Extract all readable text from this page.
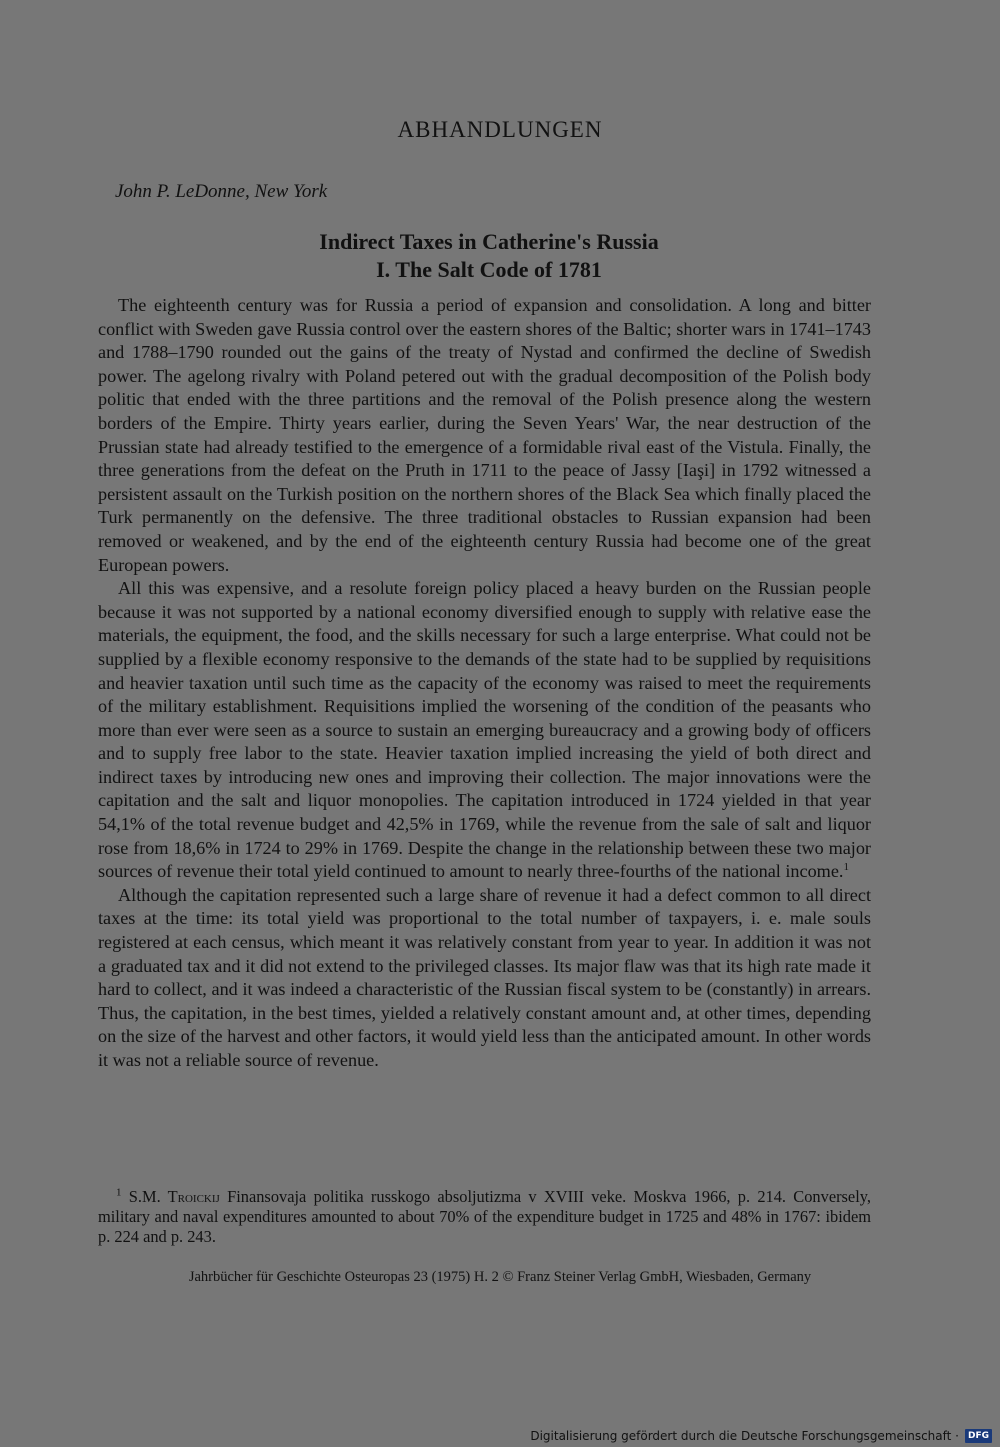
ABHANDLUNGEN
John P. LeDonne, New York
Indirect Taxes in Catherine's Russia
I. The Salt Code of 1781

The eighteenth century was for Russia a period of expansion and consolidation. A long and bitter conflict with Sweden gave Russia control over the eastern shores of the Baltic; shorter wars in 1741–1743 and 1788–1790 rounded out the gains of the treaty of Nystad and confirmed the decline of Swedish power. The agelong rivalry with Poland petered out with the gradual decomposition of the Polish body politic that ended with the three partitions and the removal of the Polish presence along the western borders of the Empire. Thirty years earlier, during the Seven Years' War, the near destruction of the Prussian state had already testified to the emergence of a formidable rival east of the Vistula. Finally, the three generations from the defeat on the Pruth in 1711 to the peace of Jassy [Iaşi] in 1792 witnessed a persistent assault on the Turkish position on the northern shores of the Black Sea which finally placed the Turk permanently on the defensive. The three traditional obstacles to Russian expansion had been removed or weakened, and by the end of the eighteenth century Russia had become one of the great European powers.

All this was expensive, and a resolute foreign policy placed a heavy burden on the Russian people because it was not supported by a national economy diversified enough to supply with relative ease the materials, the equipment, the food, and the skills necessary for such a large enterprise. What could not be supplied by a flexible economy responsive to the demands of the state had to be supplied by requisitions and heavier taxation until such time as the capacity of the economy was raised to meet the requirements of the military establishment. Requisitions implied the worsening of the condition of the peasants who more than ever were seen as a source to sustain an emerging bureaucracy and a growing body of officers and to supply free labor to the state. Heavier taxation implied increasing the yield of both direct and indirect taxes by introducing new ones and improving their collection. The major innovations were the capitation and the salt and liquor monopolies. The capitation introduced in 1724 yielded in that year 54,1% of the total revenue budget and 42,5% in 1769, while the revenue from the sale of salt and liquor rose from 18,6% in 1724 to 29% in 1769. Despite the change in the relationship between these two major sources of revenue their total yield continued to amount to nearly three-fourths of the national income.$^1$

Although the capitation represented such a large share of revenue it had a defect common to all direct taxes at the time: its total yield was proportional to the total number of taxpayers, i. e. male souls registered at each census, which meant it was relatively constant from year to year. In addition it was not a graduated tax and it did not extend to the privileged classes. Its major flaw was that its high rate made it hard to collect, and it was indeed a characteristic of the Russian fiscal system to be (constantly) in arrears. Thus, the capitation, in the best times, yielded a relatively constant amount and, at other times, depending on the size of the harvest and other factors, it would yield less than the anticipated amount. In other words it was not a reliable source of revenue.

$^1$ S.M. Troickij Finansovaja politika russkogo absoljutizma v XVIII veke. Moskva 1966, p. 214. Conversely, military and naval expenditures amounted to about 70% of the expenditure budget in 1725 and 48% in 1767: ibidem p. 224 and p. 243.

Jahrbücher für Geschichte Osteuropas 23 (1975) H. 2 © Franz Steiner Verlag GmbH, Wiesbaden, Germany
Digitalisierung gefördert durch die Deutsche Forschungsgemeinschaft ·	DFG
